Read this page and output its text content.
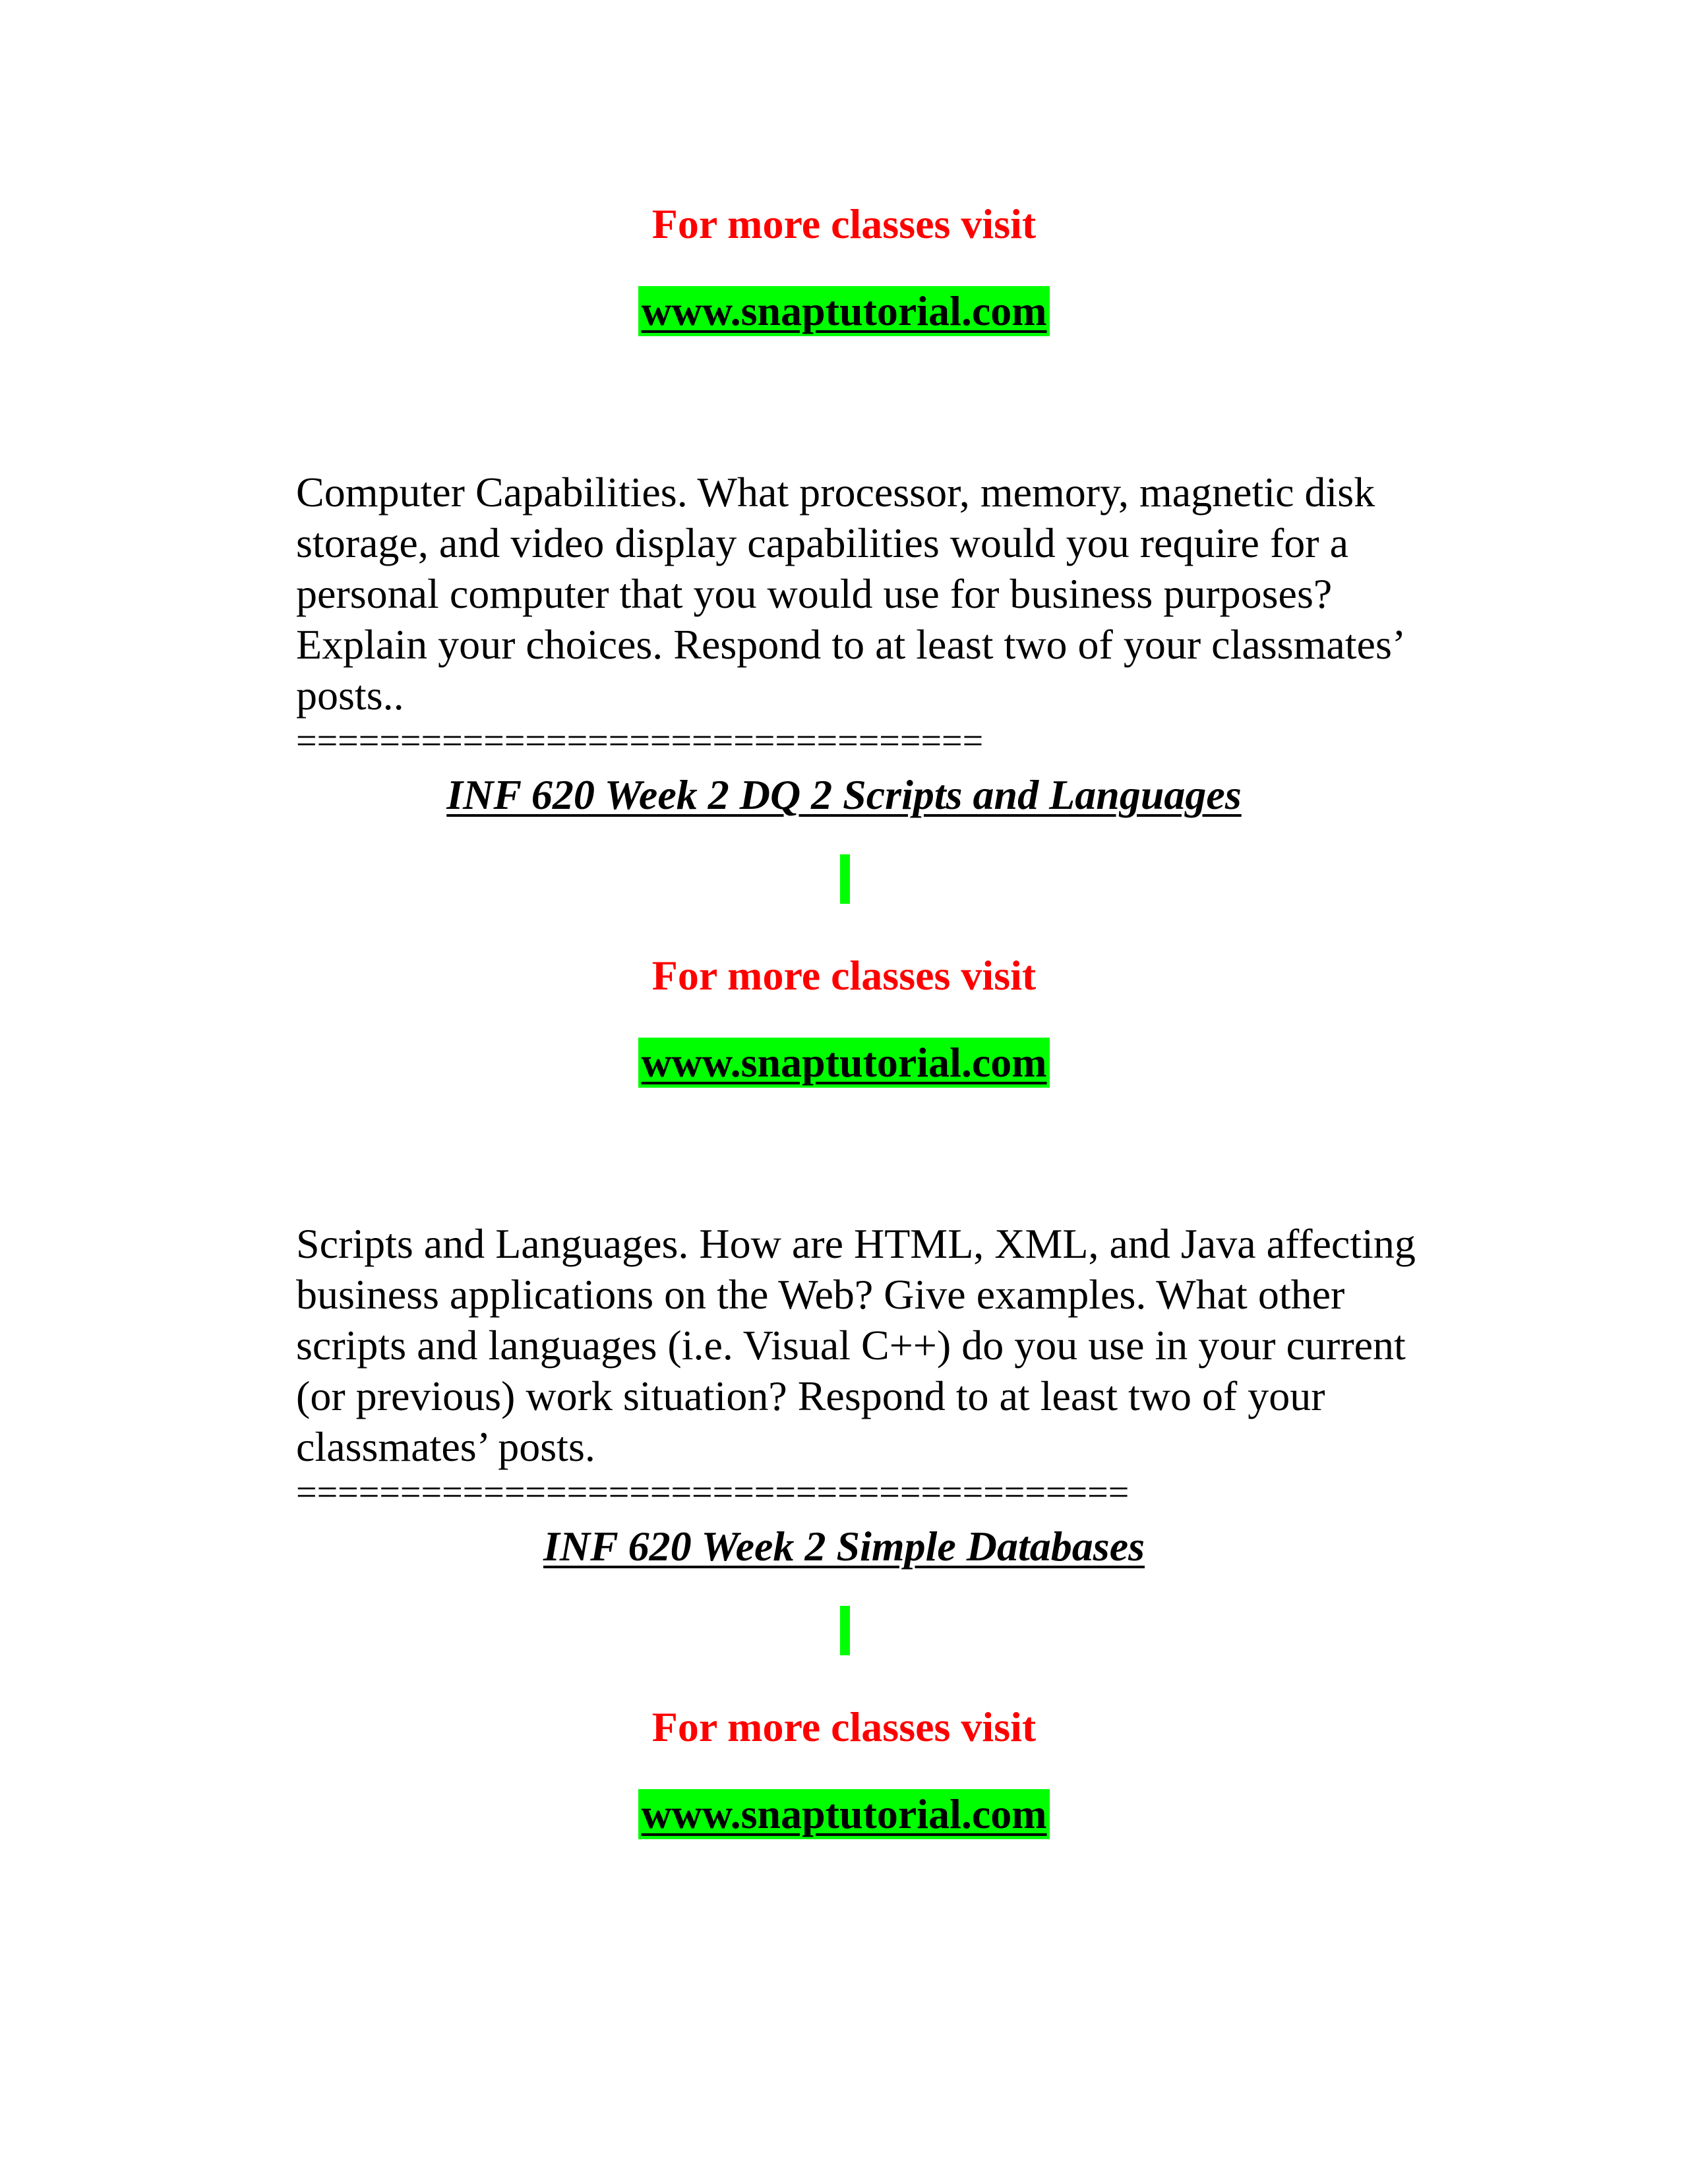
For more classes visit

www.snaptutorial.com

Computer Capabilities. What processor, memory, magnetic disk
storage, and video display capabilities would you require for a
personal computer that you would use for business purposes?
Explain your choices. Respond to at least two of your classmates’
posts..

=================================

INF 620 Week 2 DQ 2 Scripts and Languages

For more classes visit

www.snaptutorial.com

Scripts and Languages. How are HTML, XML, and Java affecting
business applications on the Web? Give examples. What other
scripts and languages (i.e. Visual C++) do you use in your current
(or previous) work situation? Respond to at least two of your
classmates’ posts.

========================================

INF 620 Week 2 Simple Databases

For more classes visit

www.snaptutorial.com
